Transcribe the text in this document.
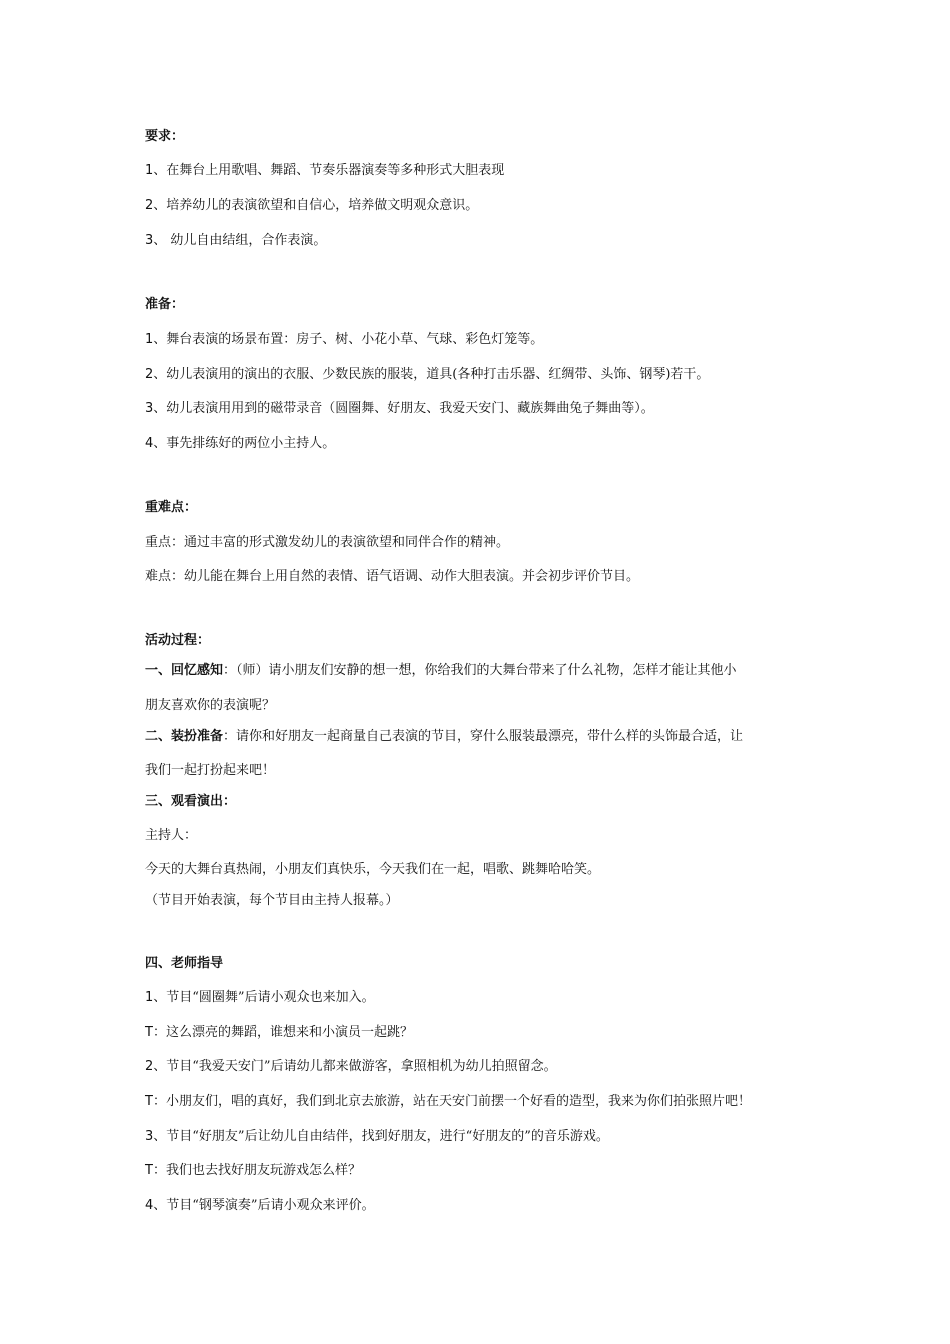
要求：
1、在舞台上用歌唱、舞蹈、节奏乐器演奏等多种形式大胆表现
2、培养幼儿的表演欲望和自信心，培养做文明观众意识。
3、 幼儿自由结组，合作表演。
准备：
1、舞台表演的场景布置：房子、树、小花小草、气球、彩色灯笼等。
2、幼儿表演用的演出的衣服、少数民族的服装，道具(各种打击乐器、红绸带、头饰、钢琴)若干。
3、幼儿表演用用到的磁带录音（圆圈舞、好朋友、我爱天安门、藏族舞曲兔子舞曲等）。
4、事先排练好的两位小主持人。
重难点：
重点：通过丰富的形式激发幼儿的表演欲望和同伴合作的精神。
难点：幼儿能在舞台上用自然的表情、语气语调、动作大胆表演。并会初步评价节目。
活动过程：
一、回忆感知：（师）请小朋友们安静的想一想，你给我们的大舞台带来了什么礼物，怎样才能让其他小
朋友喜欢你的表演呢？
二、装扮准备：请你和好朋友一起商量自己表演的节目，穿什么服装最漂亮，带什么样的头饰最合适，让
我们一起打扮起来吧！
三、观看演出：
主持人：
今天的大舞台真热闹，小朋友们真快乐，今天我们在一起，唱歌、跳舞哈哈笑。
（节目开始表演，每个节目由主持人报幕。）
四、老师指导
1、节目“圆圈舞”后请小观众也来加入。
T：这么漂亮的舞蹈，谁想来和小演员一起跳？
2、节目“我爱天安门”后请幼儿都来做游客，拿照相机为幼儿拍照留念。
T：小朋友们，唱的真好，我们到北京去旅游，站在天安门前摆一个好看的造型，我来为你们拍张照片吧！
3、节目“好朋友”后让幼儿自由结伴，找到好朋友，进行“好朋友的”的音乐游戏。
T：我们也去找好朋友玩游戏怎么样？
4、节目“钢琴演奏”后请小观众来评价。
